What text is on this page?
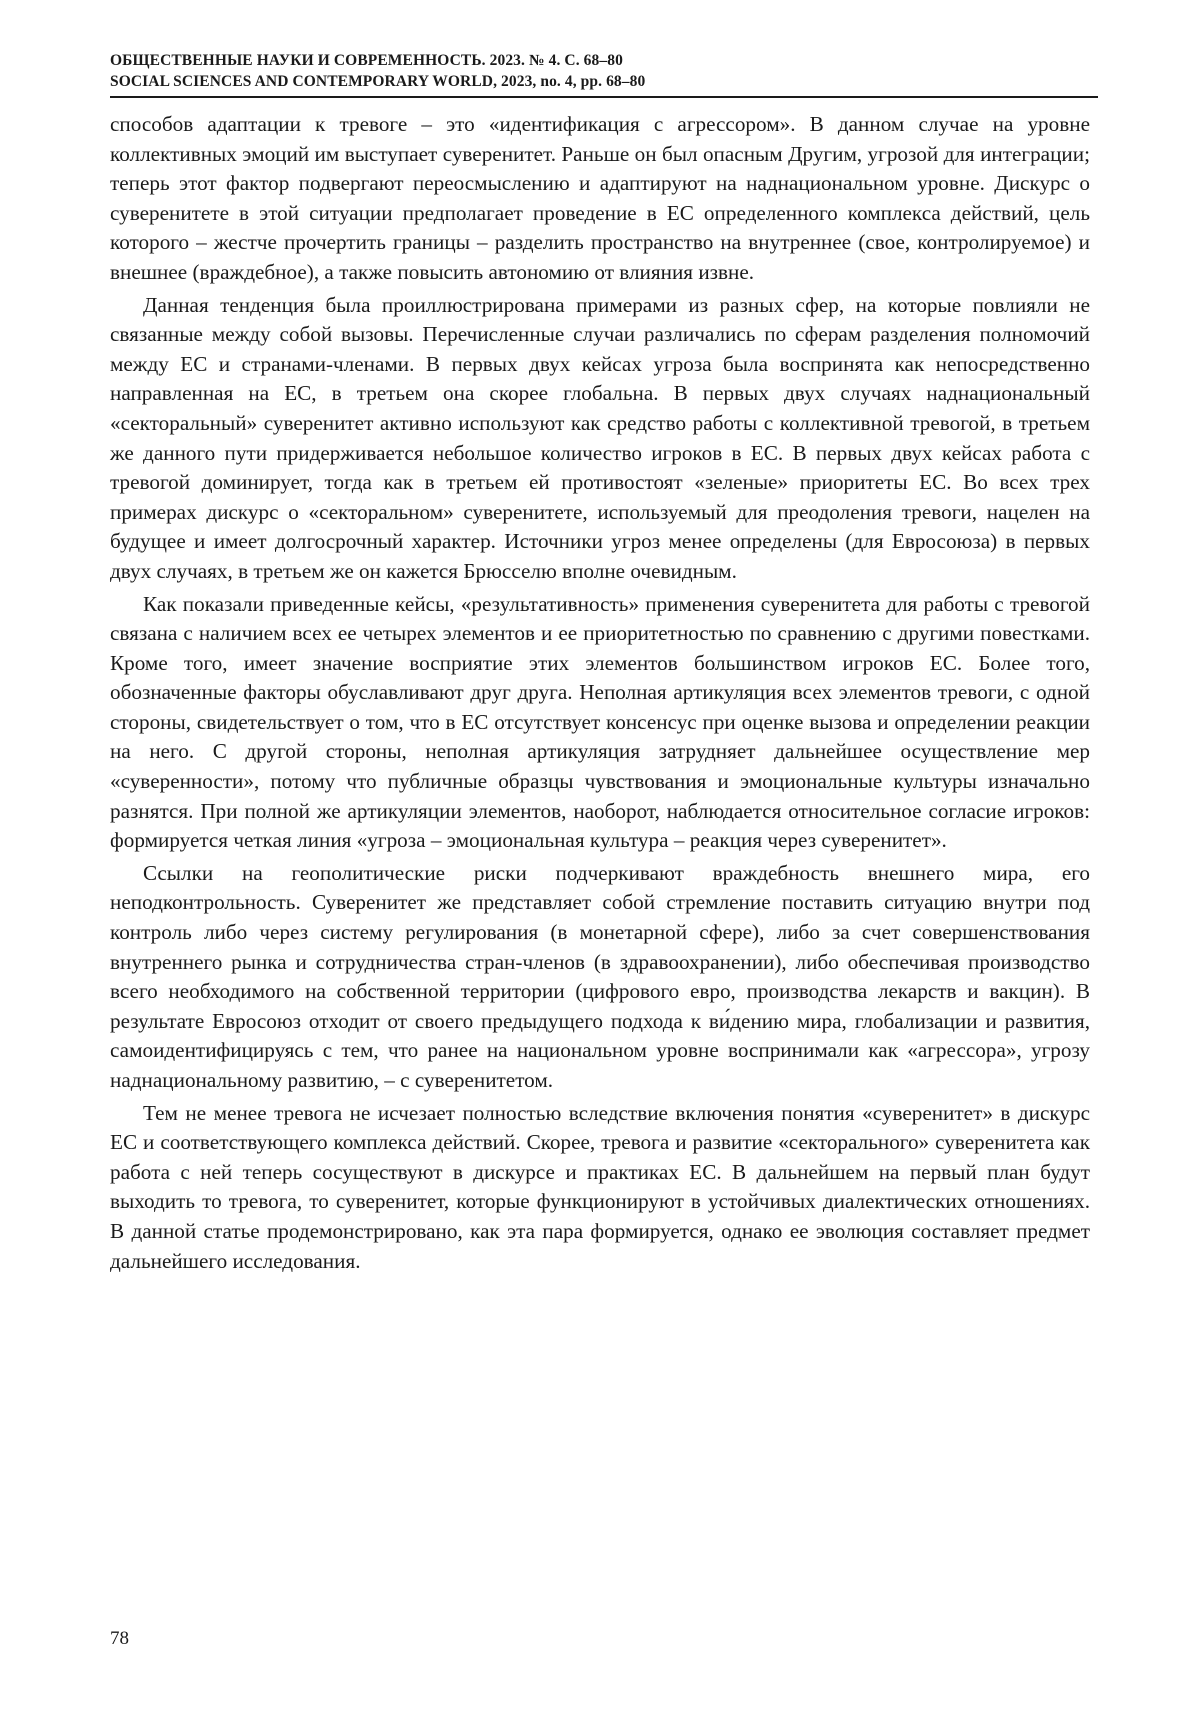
ОБЩЕСТВЕННЫЕ НАУКИ И СОВРЕМЕННОСТЬ. 2023. № 4. С. 68–80
SOCIAL SCIENCES AND CONTEMPORARY WORLD, 2023, no. 4, pp. 68–80

способов адаптации к тревоге – это «идентификация с агрессором». В данном случае на уровне коллективных эмоций им выступает суверенитет. Раньше он был опасным Другим, угрозой для интеграции; теперь этот фактор подвергают переосмыслению и адаптируют на наднациональном уровне. Дискурс о суверенитете в этой ситуации предполагает проведение в ЕС определенного комплекса действий, цель которого – жестче прочертить границы – разделить пространство на внутреннее (свое, контролируемое) и внешнее (враждебное), а также повысить автономию от влияния извне.

Данная тенденция была проиллюстрирована примерами из разных сфер, на которые повлияли не связанные между собой вызовы. Перечисленные случаи различались по сферам разделения полномочий между ЕС и странами-членами. В первых двух кейсах угроза была воспринята как непосредственно направленная на ЕС, в третьем она скорее глобальна. В первых двух случаях наднациональный «секторальный» суверенитет активно используют как средство работы с коллективной тревогой, в третьем же данного пути придерживается небольшое количество игроков в ЕС. В первых двух кейсах работа с тревогой доминирует, тогда как в третьем ей противостоят «зеленые» приоритеты ЕС. Во всех трех примерах дискурс о «секторальном» суверенитете, используемый для преодоления тревоги, нацелен на будущее и имеет долгосрочный характер. Источники угроз менее определены (для Евросоюза) в первых двух случаях, в третьем же он кажется Брюсселю вполне очевидным.

Как показали приведенные кейсы, «результативность» применения суверенитета для работы с тревогой связана с наличием всех ее четырех элементов и ее приоритетностью по сравнению с другими повестками. Кроме того, имеет значение восприятие этих элементов большинством игроков ЕС. Более того, обозначенные факторы обуславливают друг друга. Неполная артикуляция всех элементов тревоги, с одной стороны, свидетельствует о том, что в ЕС отсутствует консенсус при оценке вызова и определении реакции на него. С другой стороны, неполная артикуляция затрудняет дальнейшее осуществление мер «суверенности», потому что публичные образцы чувствования и эмоциональные культуры изначально разнятся. При полной же артикуляции элементов, наоборот, наблюдается относительное согласие игроков: формируется четкая линия «угроза – эмоциональная культура – реакция через суверенитет».

Ссылки на геополитические риски подчеркивают враждебность внешнего мира, его неподконтрольность. Суверенитет же представляет собой стремление поставить ситуацию внутри под контроль либо через систему регулирования (в монетарной сфере), либо за счет совершенствования внутреннего рынка и сотрудничества стран-членов (в здравоохранении), либо обеспечивая производство всего необходимого на собственной территории (цифрового евро, производства лекарств и вакцин). В результате Евросоюз отходит от своего предыдущего подхода к ви́дению мира, глобализации и развития, самоидентифицируясь с тем, что ранее на национальном уровне воспринимали как «агрессора», угрозу наднациональному развитию, – с суверенитетом.

Тем не менее тревога не исчезает полностью вследствие включения понятия «суверенитет» в дискурс ЕС и соответствующего комплекса действий. Скорее, тревога и развитие «секторального» суверенитета как работа с ней теперь сосуществуют в дискурсе и практиках ЕС. В дальнейшем на первый план будут выходить то тревога, то суверенитет, которые функционируют в устойчивых диалектических отношениях. В данной статье продемонстрировано, как эта пара формируется, однако ее эволюция составляет предмет дальнейшего исследования.

78
